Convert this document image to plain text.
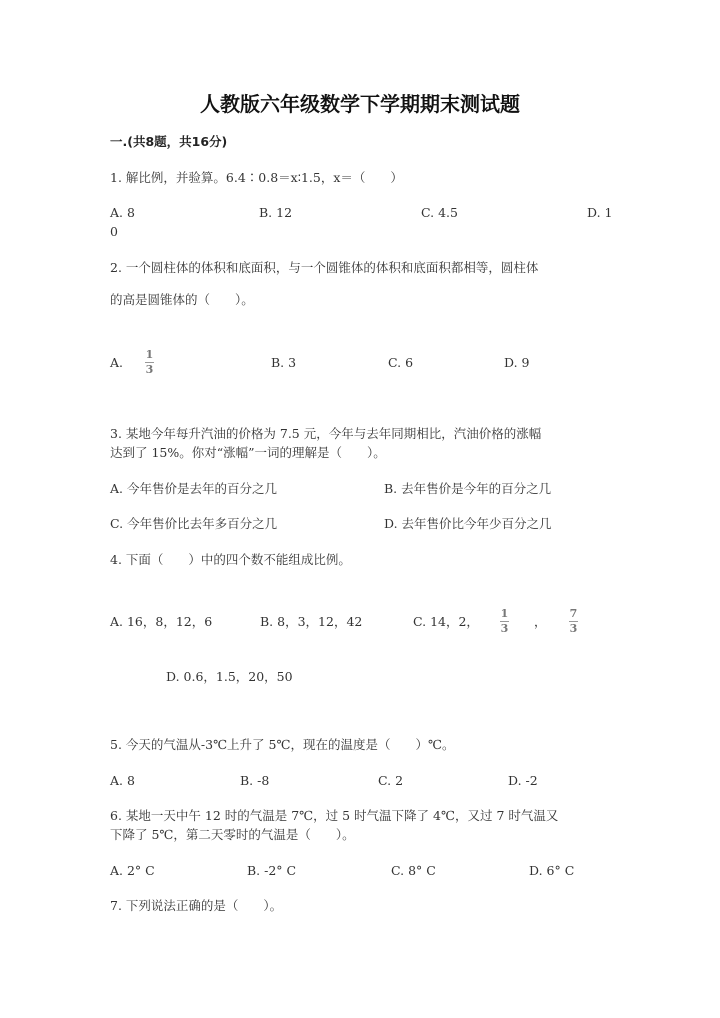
人教版六年级数学下学期期末测试题
一.(共8题，共16分)
1. 解比例，并验算。6.4∶0.8＝x∶1.5，x＝（　　）
A. 8	B. 12	C. 4.5	D. 1
0
2. 一个圆柱体的体积和底面积，与一个圆锥体的体积和底面积都相等，圆柱体
的高是圆锥体的（　　）。
A.
1
3	B. 3	C. 6	D. 9
3. 某地今年每升汽油的价格为 7.5 元，今年与去年同期相比，汽油价格的涨幅
达到了 15%。你对“涨幅”一词的理解是（　　）。
A. 今年售价是去年的百分之几	B. 去年售价是今年的百分之几
C. 今年售价比去年多百分之几	D. 去年售价比今年少百分之几
4. 下面（　　）中的四个数不能组成比例。
A. 16，8，12，6	B. 8，3，12，42	C. 14，2，
1
3 ，
7
3
D. 0.6，1.5，20，50
5. 今天的气温从-3℃上升了 5℃，现在的温度是（　　）℃。
A. 8	B. -8	C. 2	D. -2
6. 某地一天中午 12 时的气温是 7℃，过 5 时气温下降了 4℃，又过 7 时气温又
下降了 5℃，第二天零时的气温是（　　）。
A. 2° C	B. -2° C	C. 8° C	D. 6° C
7. 下列说法正确的是（　　）。
